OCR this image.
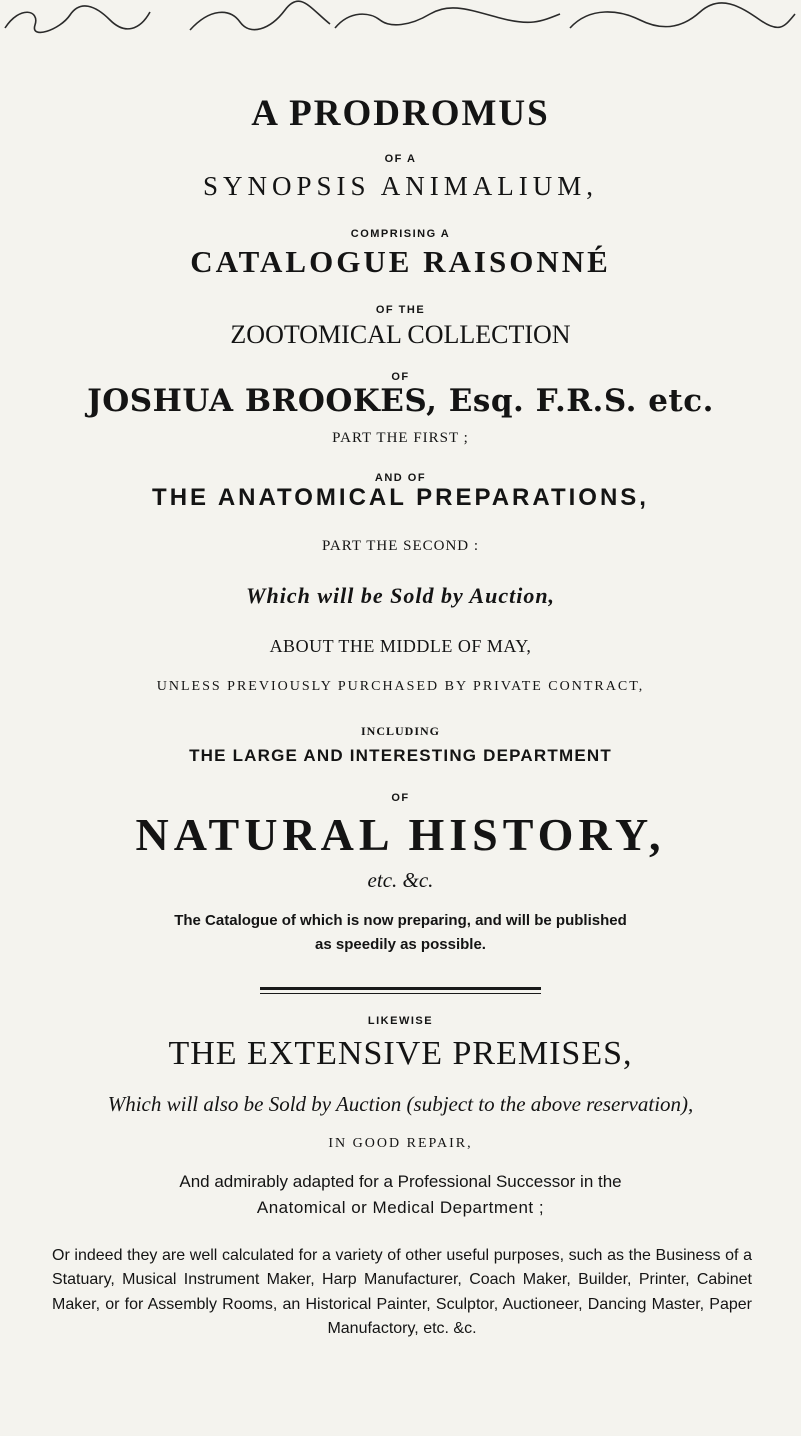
A PRODROMUS
OF A
SYNOPSIS ANIMALIUM,
COMPRISING A
CATALOGUE RAISONNÉ
OF THE
ZOOTOMICAL COLLECTION
OF
JOSHUA BROOKES, Esq. F.R.S. etc.
PART THE FIRST ;
AND OF
THE ANATOMICAL PREPARATIONS,
PART THE SECOND :
Which will be Sold by Auction,
ABOUT THE MIDDLE OF MAY,
UNLESS PREVIOUSLY PURCHASED BY PRIVATE CONTRACT,
INCLUDING
THE LARGE AND INTERESTING DEPARTMENT
OF
NATURAL HISTORY,
etc. &c.
The Catalogue of which is now preparing, and will be published
as speedily as possible.
LIKEWISE
THE EXTENSIVE PREMISES,
Which will also be Sold by Auction (subject to the above reservation),
IN GOOD REPAIR,
And admirably adapted for a Professional Successor in the
Anatomical or Medical Department ;
Or indeed they are well calculated for a variety of other useful purposes, such as the Business of a Statuary, Musical Instrument Maker, Harp Manufacturer, Coach Maker, Builder, Printer, Cabinet Maker, or for Assembly Rooms, an Historical Painter, Sculptor, Auctioneer, Dancing Master, Paper Manufactory, etc. &c.
